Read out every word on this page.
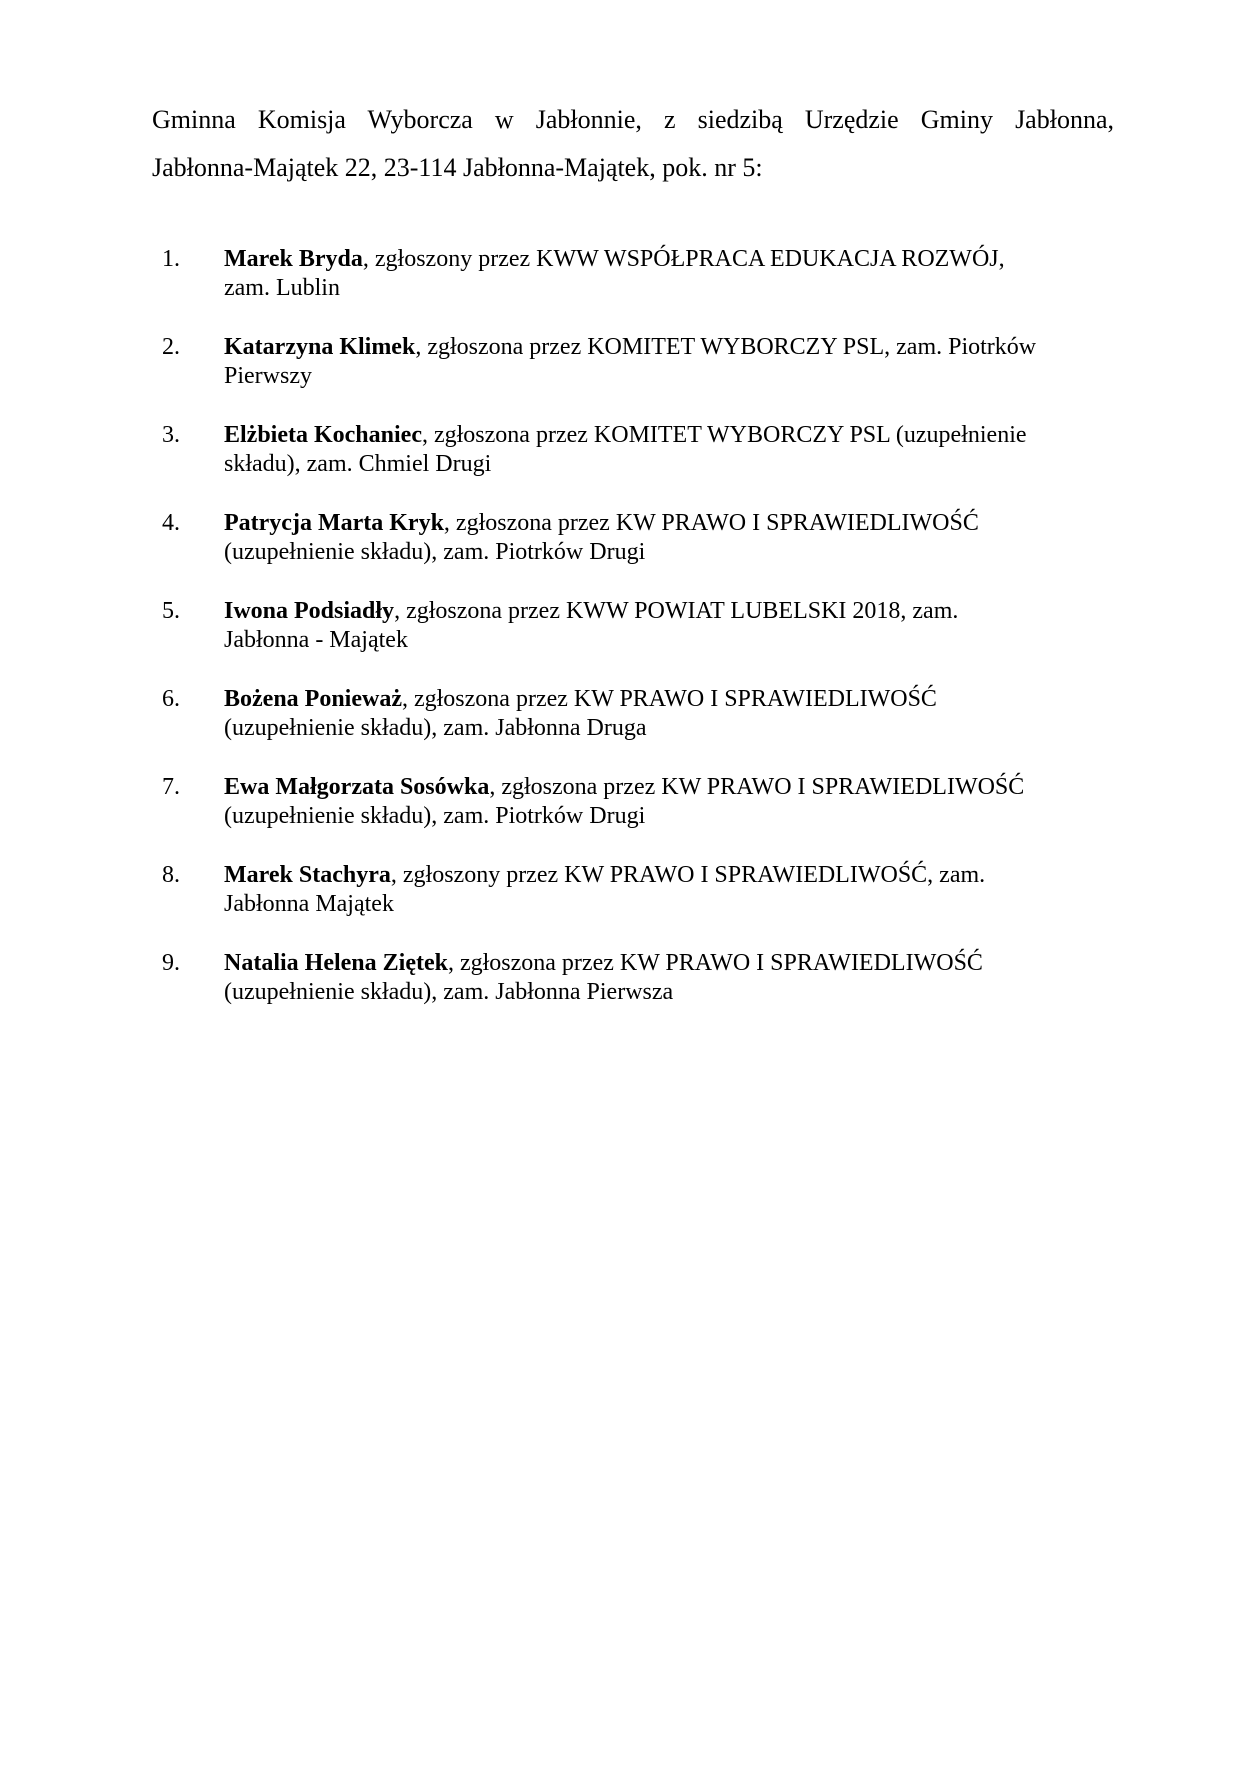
Gminna Komisja Wyborcza w Jabłonnie, z siedzibą Urzędzie Gminy Jabłonna,
Jabłonna-Majątek 22, 23-114 Jabłonna-Majątek, pok. nr 5:
1.	Marek Bryda, zgłoszony przez KWW WSPÓŁPRACA EDUKACJA ROZWÓJ,
zam. Lublin
2.	Katarzyna Klimek, zgłoszona przez KOMITET WYBORCZY PSL, zam. Piotrków
Pierwszy
3.	Elżbieta Kochaniec, zgłoszona przez KOMITET WYBORCZY PSL (uzupełnienie
składu), zam. Chmiel Drugi
4.	Patrycja Marta Kryk, zgłoszona przez KW PRAWO I SPRAWIEDLIWOŚĆ
(uzupełnienie składu), zam. Piotrków Drugi
5.	Iwona Podsiadły, zgłoszona przez KWW POWIAT LUBELSKI 2018, zam.
Jabłonna - Majątek
6.	Bożena Ponieważ, zgłoszona przez KW PRAWO I SPRAWIEDLIWOŚĆ
(uzupełnienie składu), zam. Jabłonna Druga
7.	Ewa Małgorzata Sosówka, zgłoszona przez KW PRAWO I SPRAWIEDLIWOŚĆ
(uzupełnienie składu), zam. Piotrków Drugi
8.	Marek Stachyra, zgłoszony przez KW PRAWO I SPRAWIEDLIWOŚĆ, zam.
Jabłonna Majątek
9.	Natalia Helena Ziętek, zgłoszona przez KW PRAWO I SPRAWIEDLIWOŚĆ
(uzupełnienie składu), zam. Jabłonna Pierwsza
